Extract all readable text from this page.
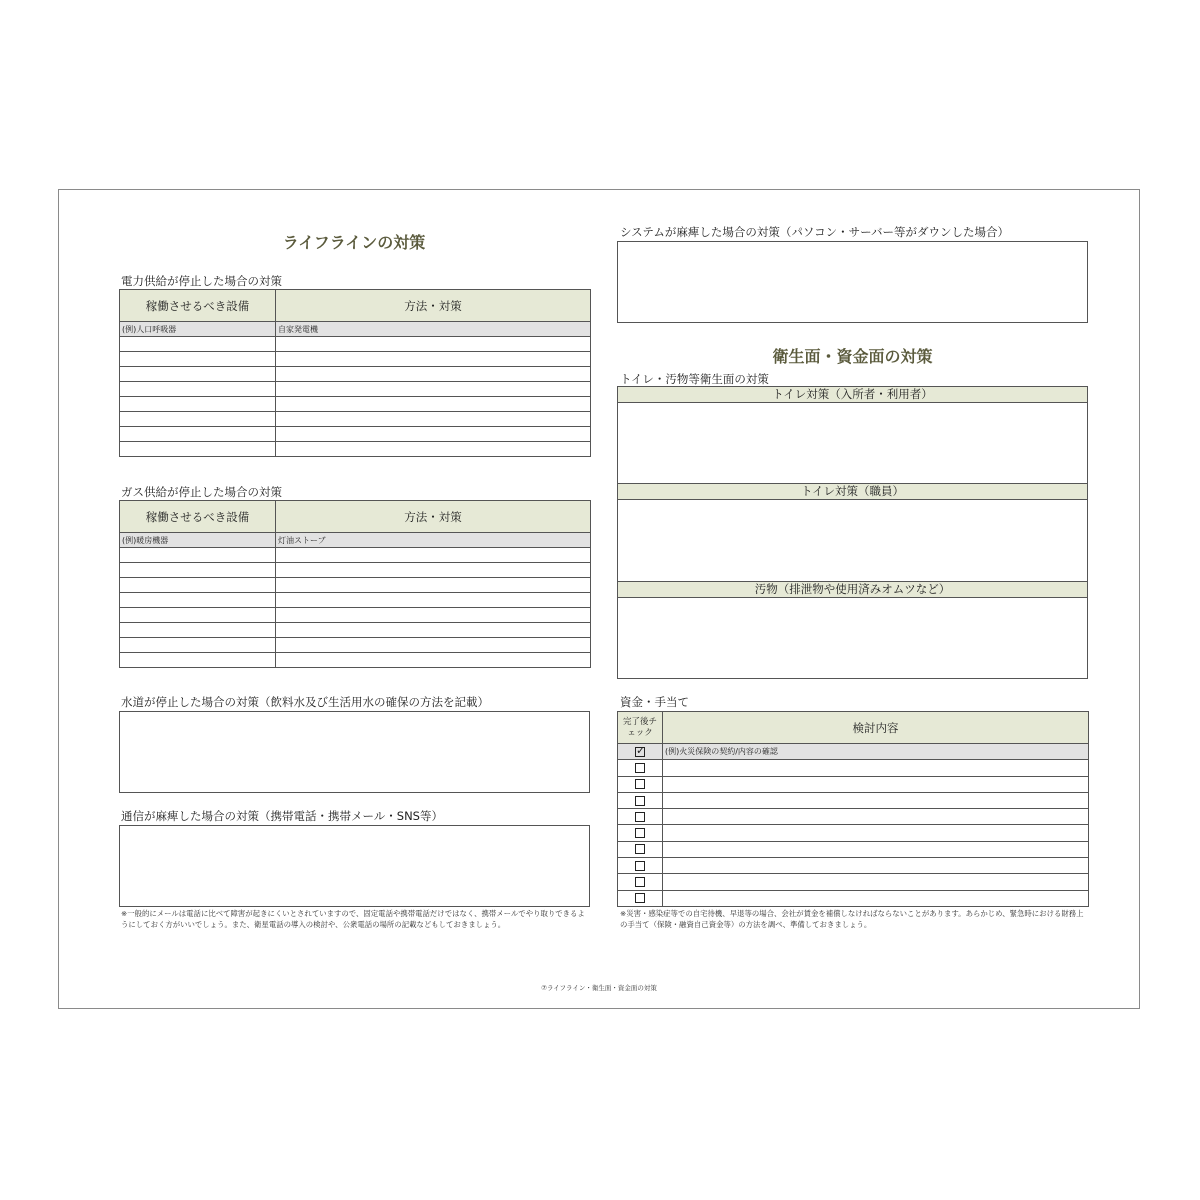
ライフラインの対策
電力供給が停止した場合の対策
稼働させるべき設備	方法・対策
(例)人口呼吸器	自家発電機

ガス供給が停止した場合の対策
稼働させるべき設備	方法・対策
(例)暖房機器	灯油ストーブ

水道が停止した場合の対策（飲料水及び生活用水の確保の方法を記載）
通信が麻痺した場合の対策（携帯電話・携帯メール・SNS等）
※一般的にメールは電話に比べて障害が起きにくいとされていますので、固定電話や携帯電話だけではなく、携帯メールでやり取りできるようにしておく方がいいでしょう。また、衛星電話の導入の検討や、公衆電話の場所の記載などもしておきましょう。
システムが麻痺した場合の対策（パソコン・サーバー等がダウンした場合）
衛生面・資金面の対策
トイレ・汚物等衛生面の対策
トイレ対策（入所者・利用者）
トイレ対策（職員）
汚物（排泄物や使用済みオムツなど）
資金・手当て
完了後チェック	検討内容
✓	(例)火災保険の契約/内容の確認

※災害・感染症等での自宅待機、早退等の場合、会社が賃金を補償しなければならないことがあります。あらかじめ、緊急時における財務上の手当て（保険・融資自己資金等）の方法を調べ、準備しておきましょう。
⑦ライフライン・衛生面・資金面の対策
